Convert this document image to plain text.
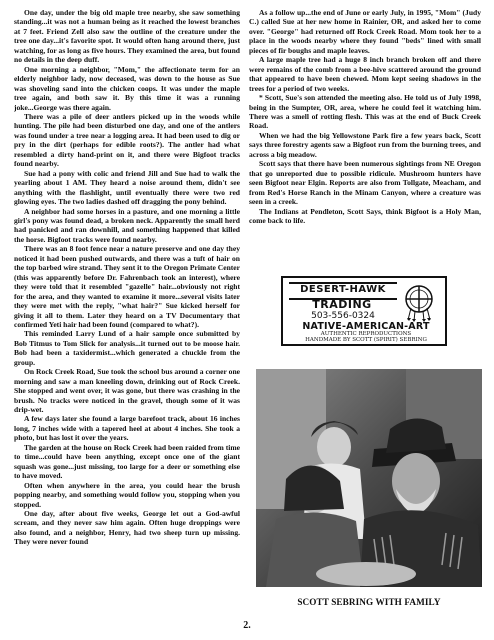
One day, under the big old maple tree nearby, she saw something standing...it was not a human being as it reached the lowest branches at 7 feet. Friend Zell also saw the outline of the creature under the tree one day...it's favorite spot. It would often hang around there, just watching, for as long as five hours. They examined the area, but found no details in the deep duff.

One morning a neighbor, "Mom," the affectionate term for an elderly neighbor lady, now deceased, was down to the house as Sue was shoveling sand into the chicken coops. It was under the maple tree again, and both saw it. By this time it was a running joke...George was there again.

There was a pile of deer antlers picked up in the woods while hunting. The pile had been disturbed one day, and one of the antlers was found under a tree near a logging area. It had been used to dig or pry in the dirt (perhaps for edible roots?). The antler had what resembled a dirty hand-print on it, and there were Bigfoot tracks found nearby.

Sue had a pony with colic and friend Jill and Sue had to walk the yearling about 1 AM. They heard a noise around them, didn't see anything with the flashlight, until eventually there were two red glowing eyes. The two ladies dashed off dragging the pony behind.

A neighbor had some horses in a pasture, and one morning a little girl's pony was found dead, a broken neck. Apparently the small herd had panicked and ran downhill, and something happened that killed the horse. Bigfoot tracks were found nearby.

There was an 8 foot fence near a nature preserve and one day they noticed it had been pushed outwards, and there was a tuft of hair on the top barbed wire strand. They sent it to the Oregon Primate Center (this was apparently before Dr. Fahrenbach took an interest), where they were told that it resembled "gazelle" hair...obviously not right for the area, and they wanted to examine it more...several visits later they were met with the reply, "what hair?" Sue kicked herself for giving it all to them. Later they heard on a TV Documentary that confirmed Yeti hair had been found (compared to what?).

This reminded Larry Lund of a hair sample once submitted by Bob Titmus to Tom Slick for analysis...it turned out to be moose hair. Bob had been a taxidermist...which generated a chuckle from the group.

On Rock Creek Road, Sue took the school bus around a corner one morning and saw a man kneeling down, drinking out of Rock Creek. She stopped and went over, it was gone, but there was crashing in the brush. No tracks were noticed in the gravel, though some of it was drip-wet.

A few days later she found a large barefoot track, about 16 inches long, 7 inches wide with a tapered heel at about 4 inches. She took a photo, but has lost it over the years.

The garden at the house on Rock Creek had been raided from time to time...could have been anything, except once one of the giant squash was gone...just missing, too large for a deer or something else to have moved.

Often when anywhere in the area, you could hear the brush popping nearby, and something would follow you, stopping when you stopped.

One day, after about five weeks, George let out a God-awful scream, and they never saw him again. Often huge droppings were also found, and a neighbor, Henry, had two sheep turn up missing. They were never found

As a follow up...the end of June or early July, in 1995, "Mom" (Judy C.) called Sue at her new home in Rainier, OR, and asked her to come over. "George" had returned off Rock Creek Road. Mom took her to a place in the woods nearby where they found "beds" lined with small pieces of fir boughs and maple leaves.

A large maple tree had a huge 8 inch branch broken off and there were remains of the comb from a bee-hive scattered around the ground that appeared to have been chewed. Mom kept seeing shadows in the trees for a period of two weeks.

* Scott, Sue's son attended the meeting also. He told us of July 1998, being in the Sumpter, OR, area, where he could feel it watching him. There was a smell of rotting flesh. This was at the end of Buck Creek Road.

When we had the big Yellowstone Park fire a few years back, Scott says three forestry agents saw a Bigfoot run from the burning trees, and across a big meadow.

Scott says that there have been numerous sightings from NE Oregon that go unreported due to possible ridicule. Mushroom hunters have seen Bigfoot near Elgin. Reports are also from Tollgate, Meacham, and from Red's Horse Ranch in the Minam Canyon, where a creature was seen in a creek.

The Indians at Pendleton, Scott Says, think Bigfoot is a Holy Man, come back to life.

DESERT-HAWK
TRADING
503-556-0324
NATIVE-AMERICAN-ART
AUTHENTIC REPRODUCTIONS
HANDMADE BY SCOTT (SPIRIT) SEBRING
SCOTT SEBRING WITH FAMILY
2.
